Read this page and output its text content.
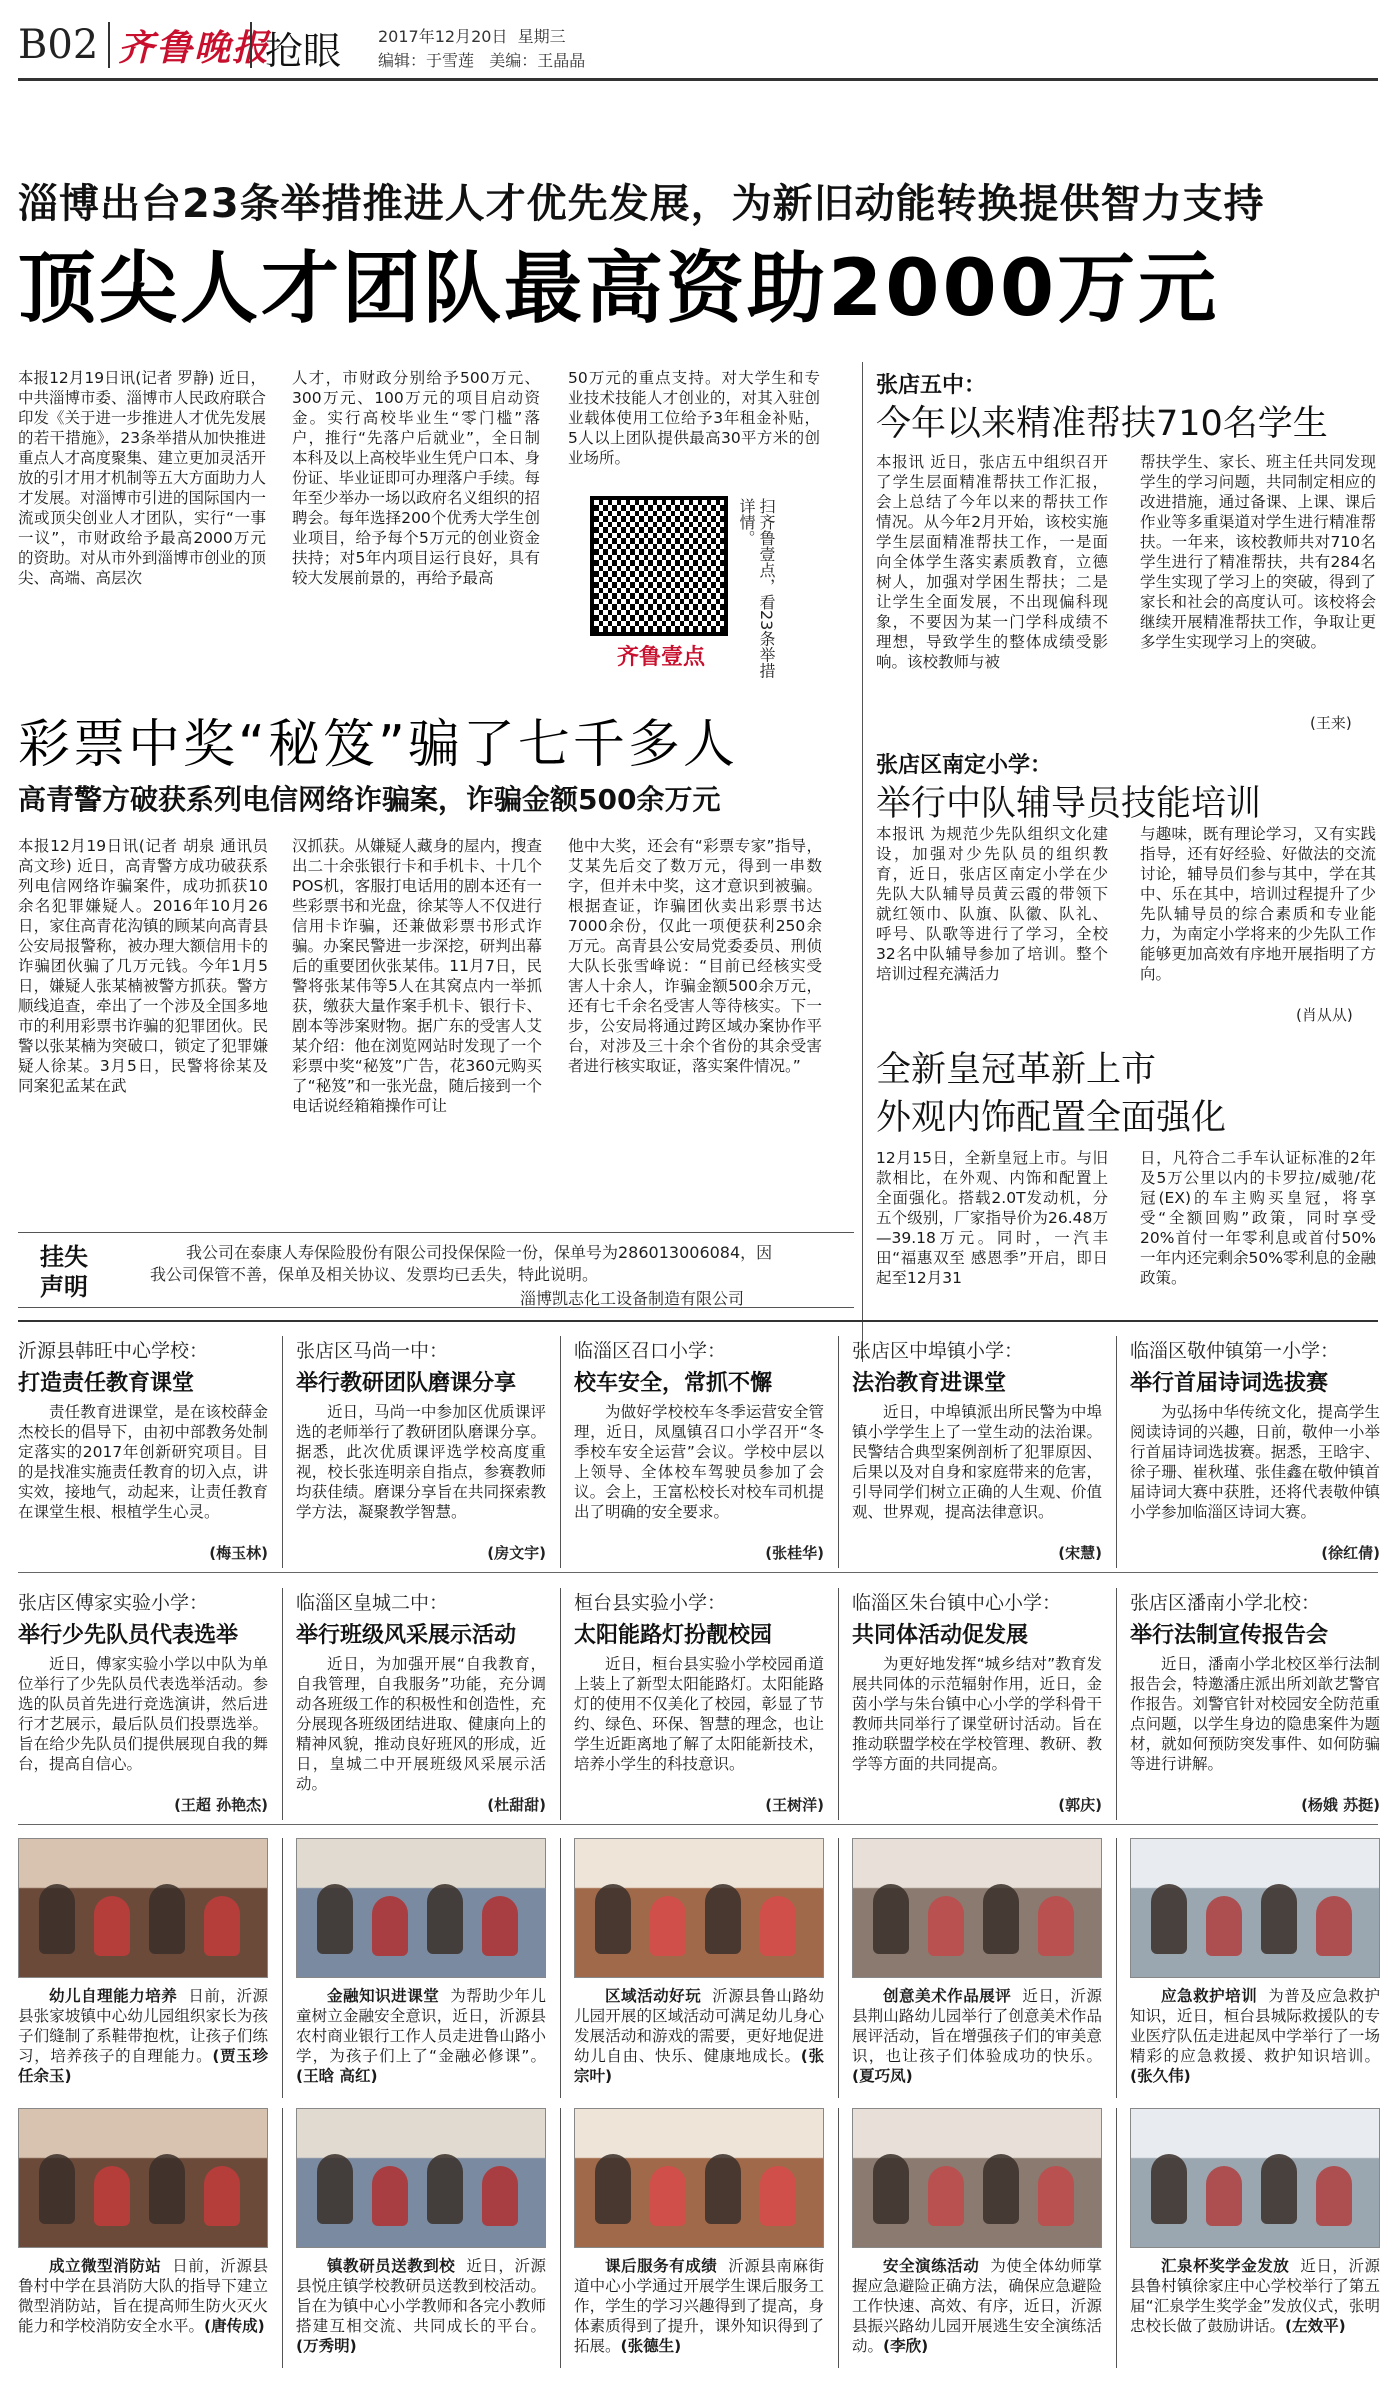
B02 齐鲁晚报
抢眼 2017年12月20日 星期三
编辑：于雪莲 美编：王晶晶
淄博出台23条举措推进人才优先发展，为新旧动能转换提供智力支持
顶尖人才团队最高资助2000万元
本报12月19日讯(记者 罗静) 近日，中共淄博市委、淄博市人民政府联合印发《关于进一步推进人才优先发展的若干措施》，23条举措从加快推进重点人才高度聚集、建立更加灵活开放的引才用才机制等五大方面助力人才发展。对淄博市引进的国际国内一流或顶尖创业人才团队，实行“一事一议”，市财政给予最高2000万元的资助。对从市外到淄博市创业的顶尖、高端、高层次
人才，市财政分别给予500万元、300万元、100万元的项目启动资金。实行高校毕业生“零门槛”落户，推行“先落户后就业”，全日制本科及以上高校毕业生凭户口本、身份证、毕业证即可办理落户手续。每年至少举办一场以政府名义组织的招聘会。每年选择200个优秀大学生创业项目，给予每个5万元的创业资金扶持；对5年内项目运行良好，具有较大发展前景的，再给予最高
50万元的重点支持。对大学生和专业技术技能人才创业的，对其入驻创业载体使用工位给予3年租金补贴，5人以上团队提供最高30平方米的创业场所。
齐鲁壹点	扫齐鲁壹点，看23条举措详情。
彩票中奖“秘笈”骗了七千多人
高青警方破获系列电信网络诈骗案，诈骗金额500余万元
本报12月19日讯(记者 胡泉 通讯员 高文珍) 近日，高青警方成功破获系列电信网络诈骗案件，成功抓获10余名犯罪嫌疑人。2016年10月26日，家住高青花沟镇的顾某向高青县公安局报警称，被办理大额信用卡的诈骗团伙骗了几万元钱。今年1月5日，嫌疑人张某楠被警方抓获。警方顺线追查，牵出了一个涉及全国多地市的利用彩票书诈骗的犯罪团伙。民警以张某楠为突破口，锁定了犯罪嫌疑人徐某。3月5日，民警将徐某及同案犯孟某在武
汉抓获。从嫌疑人藏身的屋内，搜查出二十余张银行卡和手机卡、十几个POS机，客服打电话用的剧本还有一些彩票书和光盘，徐某等人不仅进行信用卡诈骗，还兼做彩票书形式诈骗。办案民警进一步深挖，研判出幕后的重要团伙张某伟。11月7日，民警将张某伟等5人在其窝点内一举抓获，缴获大量作案手机卡、银行卡、剧本等涉案财物。据广东的受害人艾某介绍：他在浏览网站时发现了一个彩票中奖“秘笈”广告，花360元购买了“秘笈”和一张光盘，随后接到一个电话说经箱箱操作可让
他中大奖，还会有“彩票专家”指导，艾某先后交了数万元，得到一串数字，但并未中奖，这才意识到被骗。根据查证，诈骗团伙卖出彩票书达7000余份，仅此一项便获利250余万元。高青县公安局党委委员、刑侦大队长张雪峰说：“目前已经核实受害人十余人，诈骗金额500余万元，还有七千余名受害人等待核实。下一步，公安局将通过跨区域办案协作平台，对涉及三十余个省份的其余受害者进行核实取证，落实案件情况。”
张店五中：
今年以来精准帮扶710名学生
本报讯 近日，张店五中组织召开了学生层面精准帮扶工作汇报，会上总结了今年以来的帮扶工作情况。从今年2月开始，该校实施学生层面精准帮扶工作，一是面向全体学生落实素质教育，立德树人，加强对学困生帮扶；二是让学生全面发展，不出现偏科现象，不要因为某一门学科成绩不理想，导致学生的整体成绩受影响。该校教师与被
帮扶学生、家长、班主任共同发现学生的学习问题，共同制定相应的改进措施，通过备课、上课、课后作业等多重渠道对学生进行精准帮扶。一年来，该校教师共对710名学生进行了精准帮扶，共有284名学生实现了学习上的突破，得到了家长和社会的高度认可。该校将会继续开展精准帮扶工作，争取让更多学生实现学习上的突破。
(王来)
张店区南定小学：
举行中队辅导员技能培训
本报讯 为规范少先队组织文化建设，加强对少先队员的组织教育，近日，张店区南定小学在少先队大队辅导员黄云霞的带领下就红领巾、队旗、队徽、队礼、呼号、队歌等进行了学习，全校32名中队辅导参加了培训。整个培训过程充满活力
与趣味，既有理论学习，又有实践指导，还有好经验、好做法的交流讨论，辅导员们参与其中，学在其中、乐在其中，培训过程提升了少先队辅导员的综合素质和专业能力，为南定小学将来的少先队工作能够更加高效有序地开展指明了方向。
(肖从从)
全新皇冠革新上市
外观内饰配置全面强化
12月15日，全新皇冠上市。与旧款相比，在外观、内饰和配置上全面强化。搭载2.0T发动机，分五个级别，厂家指导价为26.48万—39.18万元。同时，一汽丰田“福惠双至 感恩季”开启，即日起至12月31
日，凡符合二手车认证标准的2年及5万公里以内的卡罗拉/威驰/花冠(EX)的车主购买皇冠，将享受“全额回购”政策，同时享受20%首付一年零利息或首付50%一年内还完剩余50%零利息的金融政策。
挂失
声明
我公司在泰康人寿保险股份有限公司投保保险一份，保单号为286013006084，因
我公司保管不善，保单及相关协议、发票均已丢失，特此说明。
淄博凯志化工设备制造有限公司
沂源县韩旺中心学校：
打造责任教育课堂
责任教育进课堂，是在该校薛金杰校长的倡导下，由初中部教务处制定落实的2017年创新研究项目。目的是找准实施责任教育的切入点，讲实效，接地气，动起来，让责任教育在课堂生根、根植学生心灵。
(梅玉林)
张店区马尚一中：
举行教研团队磨课分享
近日，马尚一中参加区优质课评选的老师举行了教研团队磨课分享。据悉，此次优质课评选学校高度重视，校长张连明亲自指点，参赛教师均获佳绩。磨课分享旨在共同探索教学方法，凝聚教学智慧。
(房文宇)
临淄区召口小学：
校车安全，常抓不懈
为做好学校校车冬季运营安全管理，近日，凤凰镇召口小学召开“冬季校车安全运营”会议。学校中层以上领导、全体校车驾驶员参加了会议。会上，王富松校长对校车司机提出了明确的安全要求。
(张桂华)
张店区中埠镇小学：
法治教育进课堂
近日，中埠镇派出所民警为中埠镇小学学生上了一堂生动的法治课。民警结合典型案例剖析了犯罪原因、后果以及对自身和家庭带来的危害，引导同学们树立正确的人生观、价值观、世界观，提高法律意识。
(宋慧)
临淄区敬仲镇第一小学：
举行首届诗词选拔赛
为弘扬中华传统文化，提高学生阅读诗词的兴趣，日前，敬仲一小举行首届诗词选拔赛。据悉，王晗宇、徐子珊、崔秋瑾、张佳鑫在敬仲镇首届诗词大赛中获胜，还将代表敬仲镇小学参加临淄区诗词大赛。
(徐红倩)
张店区傅家实验小学：
举行少先队员代表选举
近日，傅家实验小学以中队为单位举行了少先队员代表选举活动。参选的队员首先进行竞选演讲，然后进行才艺展示，最后队员们投票选举。旨在给少先队员们提供展现自我的舞台，提高自信心。
(王超 孙艳杰)
临淄区皇城二中：
举行班级风采展示活动
近日，为加强开展“自我教育，自我管理，自我服务”功能，充分调动各班级工作的积极性和创造性，充分展现各班级团结进取、健康向上的精神风貌，推动良好班风的形成，近日，皇城二中开展班级风采展示活动。
(杜甜甜)
桓台县实验小学：
太阳能路灯扮靓校园
近日，桓台县实验小学校园甬道上装上了新型太阳能路灯。太阳能路灯的使用不仅美化了校园，彰显了节约、绿色、环保、智慧的理念，也让学生近距离地了解了太阳能新技术，培养小学生的科技意识。
(王树洋)
临淄区朱台镇中心小学：
共同体活动促发展
为更好地发挥“城乡结对”教育发展共同体的示范辐射作用，近日，金茵小学与朱台镇中心小学的学科骨干教师共同举行了课堂研讨活动。旨在推动联盟学校在学校管理、教研、教学等方面的共同提高。
(郭庆)
张店区潘南小学北校：
举行法制宣传报告会
近日，潘南小学北校区举行法制报告会，特邀潘庄派出所刘歆艺警官作报告。刘警官针对校园安全防范重点问题，以学生身边的隐患案件为题材，就如何预防突发事件、如何防骗等进行讲解。
(杨娥 苏挺)
幼儿自理能力培养 日前，沂源县张家坡镇中心幼儿园组织家长为孩子们缝制了系鞋带抱枕，让孩子们练习，培养孩子的自理能力。(贾玉珍 任余玉)
金融知识进课堂 为帮助少年儿童树立金融安全意识，近日，沂源县农村商业银行工作人员走进鲁山路小学，为孩子们上了“金融必修课”。(王晗 高红)
区域活动好玩 沂源县鲁山路幼儿园开展的区域活动可满足幼儿身心发展活动和游戏的需要，更好地促进幼儿自由、快乐、健康地成长。(张宗叶)
创意美术作品展评 近日，沂源县荆山路幼儿园举行了创意美术作品展评活动，旨在增强孩子们的审美意识，也让孩子们体验成功的快乐。(夏巧凤)
应急救护培训 为普及应急救护知识，近日，桓台县城际救援队的专业医疗队伍走进起凤中学举行了一场精彩的应急救援、救护知识培训。(张久伟)
成立微型消防站 日前，沂源县鲁村中学在县消防大队的指导下建立微型消防站，旨在提高师生防火灭火能力和学校消防安全水平。(唐传成)
镇教研员送教到校 近日，沂源县悦庄镇学校教研员送教到校活动。旨在为镇中心小学教师和各完小教师搭建互相交流、共同成长的平台。(万秀明)
课后服务有成绩 沂源县南麻街道中心小学通过开展学生课后服务工作，学生的学习兴趣得到了提高，身体素质得到了提升，课外知识得到了拓展。(张德生)
安全演练活动 为使全体幼师掌握应急避险正确方法，确保应急避险工作快速、高效、有序，近日，沂源县振兴路幼儿园开展逃生安全演练活动。(李欣)
汇泉杯奖学金发放 近日，沂源县鲁村镇徐家庄中心学校举行了第五届“汇泉学生奖学金”发放仪式，张明忠校长做了鼓励讲话。(左效平)
